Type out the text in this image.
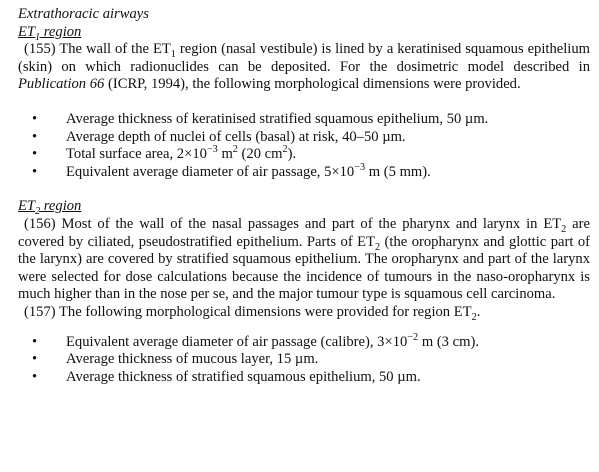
Extrathoracic airways

$ET_1$ region

(155) The wall of the $ET_1$ region (nasal vestibule) is lined by a keratinised squamous epithelium (skin) on which radionuclides can be deposited. For the dosimetric model described in Publication 66 (ICRP, 1994), the following morphological dimensions were provided.

• Average thickness of keratinised stratified squamous epithelium, 50 µm.
• Average depth of nuclei of cells (basal) at risk, 40–50 µm.
• Total surface area, $2\times 10^{-3}$ $m^2$ (20 $cm^2$).
• Equivalent average diameter of air passage, $5\times 10^{-3}$ m (5 mm).

$ET_2$ region

(156) Most of the wall of the nasal passages and part of the pharynx and larynx in $ET_2$ are covered by ciliated, pseudostratified epithelium. Parts of $ET_2$ (the oropharynx and glottic part of the larynx) are covered by stratified squamous epithelium. The oropharynx and part of the larynx were selected for dose calculations because the incidence of tumours in the naso-oropharynx is much higher than in the nose per se, and the major tumour type is squamous cell carcinoma.

(157) The following morphological dimensions were provided for region $ET_2$.

• Equivalent average diameter of air passage (calibre), $3\times 10^{-2}$ m (3 cm).
• Average thickness of mucous layer, 15 µm.
• Average thickness of stratified squamous epithelium, 50 µm.
